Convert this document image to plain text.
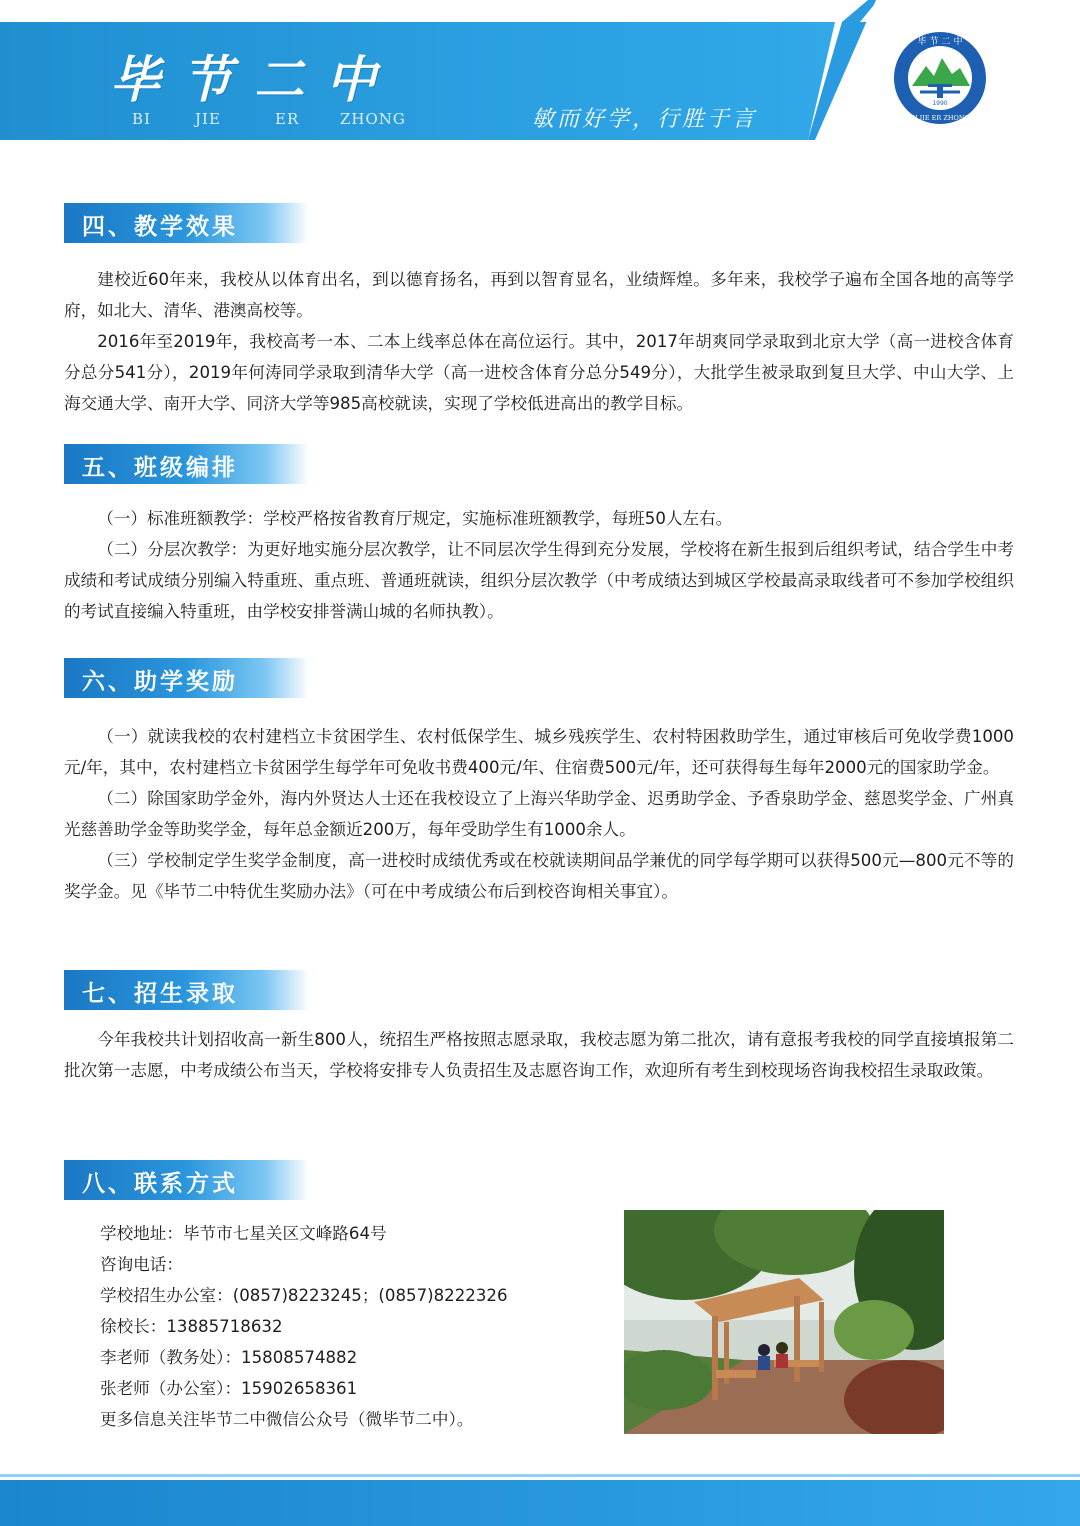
毕节二中
BI	JIE	ER	ZHONG	敏而好学，行胜于言
毕 节 二 中
1990
BI JIE ER ZHONG
四、教学效果

建校近60年来，我校从以体育出名，到以德育扬名，再到以智育显名，业绩辉煌。多年来，我校学子遍布全国各地的高等学府，如北大、清华、港澳高校等。

2016年至2019年，我校高考一本、二本上线率总体在高位运行。其中，2017年胡爽同学录取到北京大学（高一进校含体育分总分541分），2019年何涛同学录取到清华大学（高一进校含体育分总分549分），大批学生被录取到复旦大学、中山大学、上海交通大学、南开大学、同济大学等985高校就读，实现了学校低进高出的教学目标。

五、班级编排

（一）标准班额教学：学校严格按省教育厅规定，实施标准班额教学，每班50人左右。

（二）分层次教学：为更好地实施分层次教学，让不同层次学生得到充分发展，学校将在新生报到后组织考试，结合学生中考成绩和考试成绩分别编入特重班、重点班、普通班就读，组织分层次教学（中考成绩达到城区学校最高录取线者可不参加学校组织的考试直接编入特重班，由学校安排誉满山城的名师执教）。

六、助学奖励

（一）就读我校的农村建档立卡贫困学生、农村低保学生、城乡残疾学生、农村特困救助学生，通过审核后可免收学费1000元/年，其中，农村建档立卡贫困学生每学年可免收书费400元/年、住宿费500元/年，还可获得每生每年2000元的国家助学金。

（二）除国家助学金外，海内外贤达人士还在我校设立了上海兴华助学金、迟勇助学金、予香泉助学金、慈恩奖学金、广州真光慈善助学金等助奖学金，每年总金额近200万，每年受助学生有1000余人。

（三）学校制定学生奖学金制度，高一进校时成绩优秀或在校就读期间品学兼优的同学每学期可以获得500元—800元不等的奖学金。见《毕节二中特优生奖励办法》（可在中考成绩公布后到校咨询相关事宜）。

七、招生录取

今年我校共计划招收高一新生800人，统招生严格按照志愿录取，我校志愿为第二批次，请有意报考我校的同学直接填报第二批次第一志愿，中考成绩公布当天，学校将安排专人负责招生及志愿咨询工作，欢迎所有考生到校现场咨询我校招生录取政策。

八、联系方式
学校地址：毕节市七星关区文峰路64号
咨询电话：
学校招生办公室：(0857)8223245；(0857)8222326
徐校长：13885718632
李老师（教务处）：15808574882
张老师（办公室）：15902658361
更多信息关注毕节二中微信公众号（微毕节二中）。
